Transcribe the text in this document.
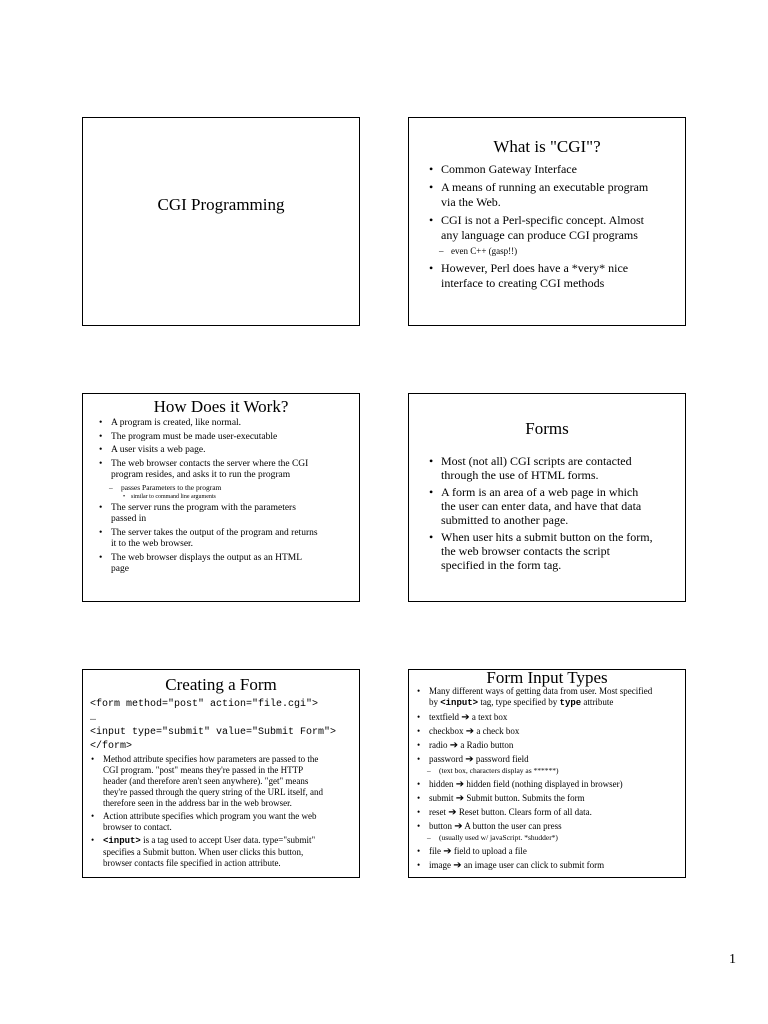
CGI Programming
What is "CGI"?
• Common Gateway Interface
• A means of running an executable program
via the Web.
• CGI is not a Perl-specific concept. Almost
any language can produce CGI programs
– even C++ (gasp!!)
• However, Perl does have a *very* nice
interface to creating CGI methods
How Does it Work?
• A program is created, like normal.
• The program must be made user-executable
• A user visits a web page.
• The web browser contacts the server where the CGI
program resides, and asks it to run the program
– passes Parameters to the program
• similar to command line arguments
• The server runs the program with the parameters
passed in
• The server takes the output of the program and returns
it to the web browser.
• The web browser displays the output as an HTML
page
Forms
• Most (not all) CGI scripts are contacted
through the use of HTML forms.
• A form is an area of a web page in which
the user can enter data, and have that data
submitted to another page.
• When user hits a submit button on the form,
the web browser contacts the script
specified in the form tag.
Creating a Form
<form method="post" action="file.cgi">
…
<input type="submit" value="Submit Form">
</form>
• Method attribute specifies how parameters are passed to the
CGI program. "post" means they're passed in the HTTP
header (and therefore aren't seen anywhere). "get" means
they're passed through the query string of the URL itself, and
therefore seen in the address bar in the web browser.
• Action attribute specifies which program you want the web
browser to contact.
• <input> is a tag used to accept User data. type="submit"
specifies a Submit button. When user clicks this button,
browser contacts file specified in action attribute.
Form Input Types
• Many different ways of getting data from user. Most specified
by <input> tag, type specified by type attribute
• textfield ➔ a text box
• checkbox ➔ a check box
• radio ➔ a Radio button
• password ➔ password field
– (text box, characters display as ******)
• hidden ➔ hidden field (nothing displayed in browser)
• submit ➔ Submit button. Submits the form
• reset ➔ Reset button. Clears form of all data.
• button ➔ A button the user can press
– (usually used w/ javaScript. *shudder*)
• file ➔ field to upload a file
• image ➔ an image user can click to submit form
1
